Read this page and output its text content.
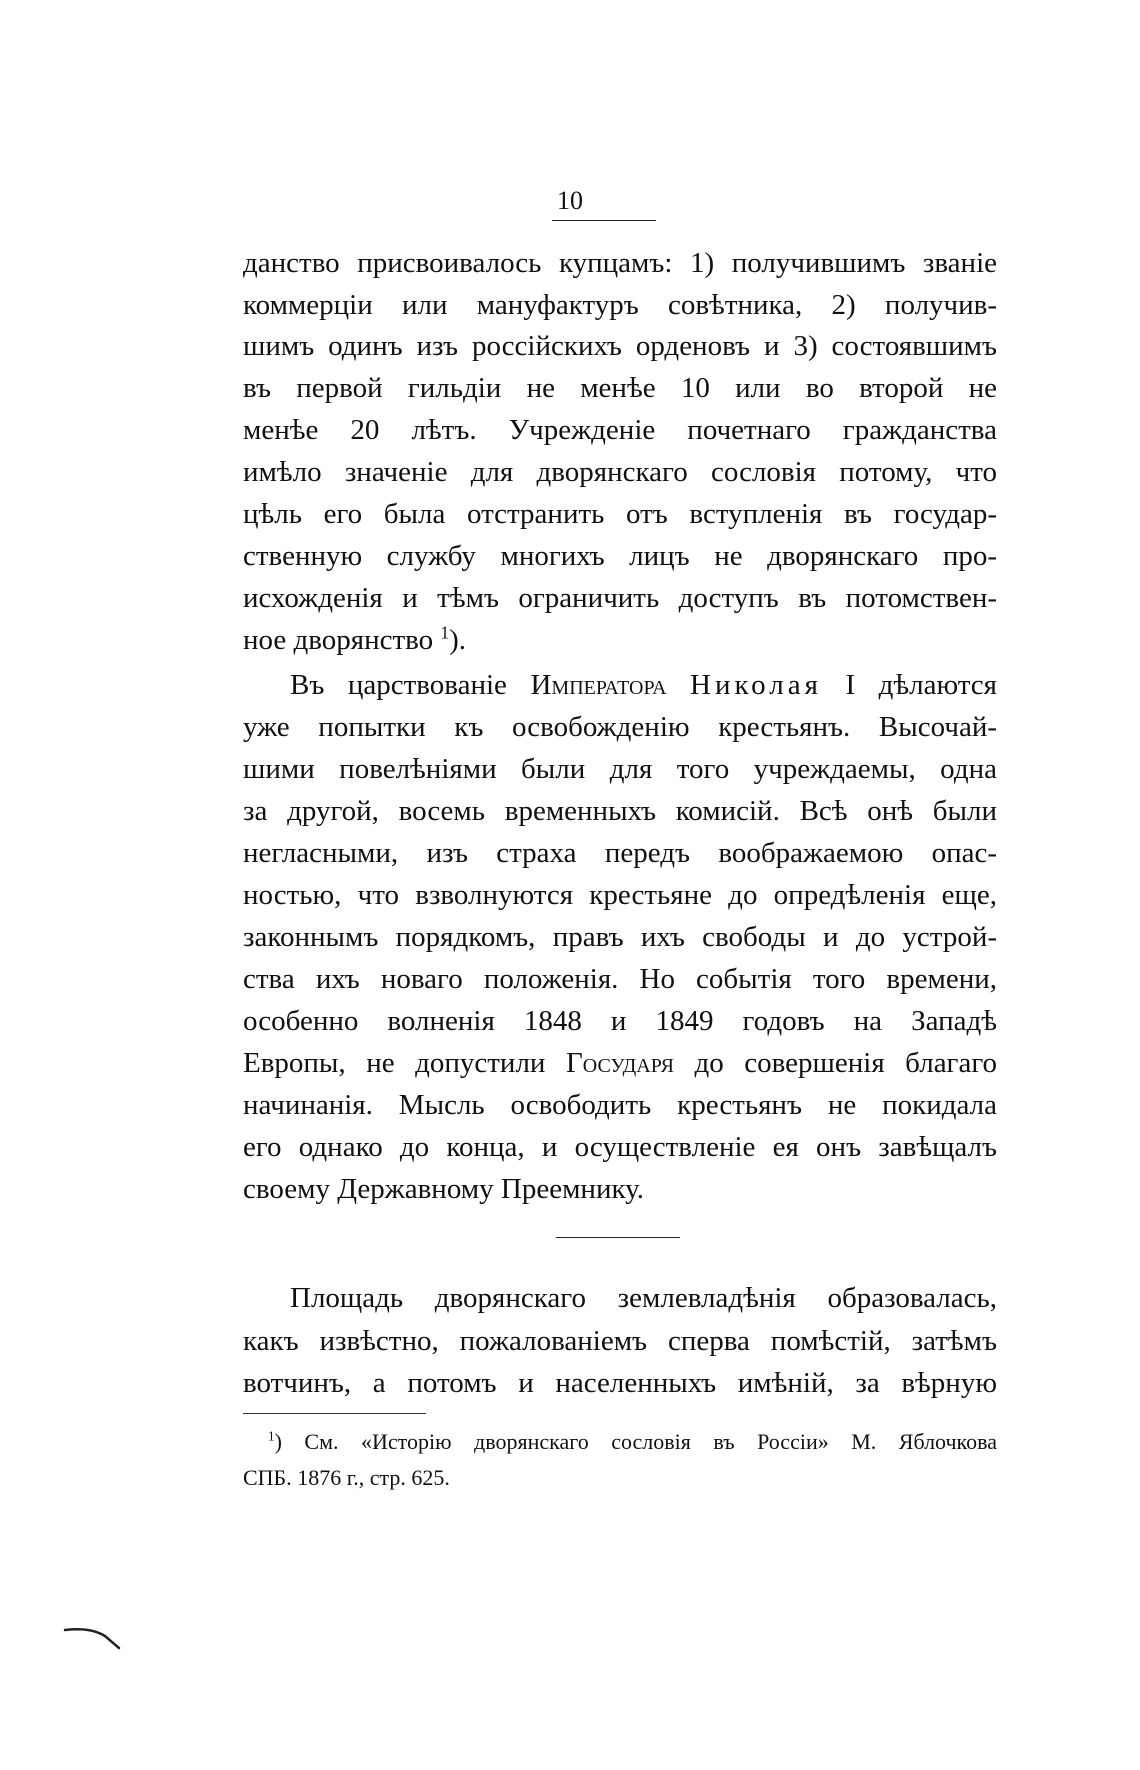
10
данство присвоивалось купцамъ: 1) получившимъ званіе
коммерціи или мануфактуръ совѣтника, 2) получив-
шимъ одинъ изъ россійскихъ орденовъ и 3) состоявшимъ
въ первой гильдіи не менѣе 10 или во второй не
менѣе 20 лѣтъ. Учрежденіе почетнаго гражданства
имѣло значеніе для дворянскаго сословія потому, что
цѣль его была отстранить отъ вступленія въ государ-
ственную службу многихъ лицъ не дворянскаго про-
исхожденія и тѣмъ ограничить доступъ въ потомствен-
ное дворянство $^1$).
Въ царствованіе Императора Николая I дѣлаются
уже попытки къ освобожденію крестьянъ. Высочай-
шими повелѣніями были для того учреждаемы, одна
за другой, восемь временныхъ комисій. Всѣ онѣ были
негласными, изъ страха передъ воображаемою опас-
ностью, что взволнуются крестьяне до опредѣленія еще,
законнымъ порядкомъ, правъ ихъ свободы и до устрой-
ства ихъ новаго положенія. Но событія того времени,
особенно волненія 1848 и 1849 годовъ на Западѣ
Европы, не допустили Государя до совершенія благаго
начинанія. Мысль освободить крестьянъ не покидала
его однако до конца, и осуществленіе ея онъ завѣщалъ
своему Державному Преемнику.
Площадь дворянскаго землевладѣнія образовалась,
какъ извѣстно, пожалованіемъ сперва помѣстій, затѣмъ
вотчинъ, а потомъ и населенныхъ имѣній, за вѣрную
$^1$) См. «Исторію дворянскаго сословія въ Россіи» М. Яблочкова
СПБ. 1876 г., стр. 625.
